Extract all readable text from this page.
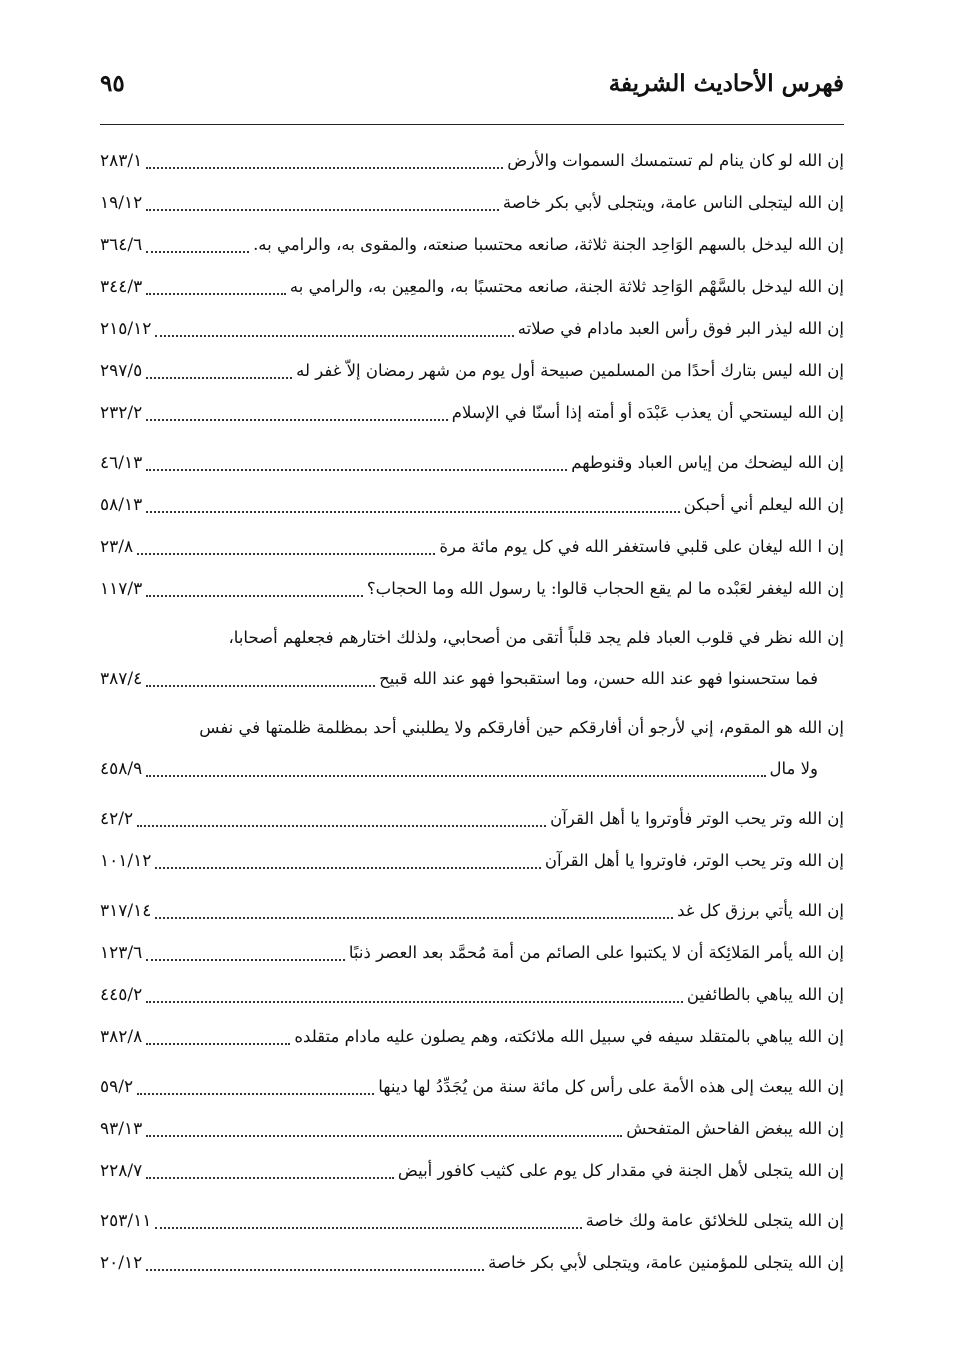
فهرس الأحاديث الشريفة
٩٥
إن الله لو كان ينام لم تستمسك السموات والأرض
٢٨٣/١
إن الله ليتجلى الناس عامة، ويتجلى لأبي بكر خاصة
١٩/١٢
إن الله ليدخل بالسهم الوَاحِد الجنة ثلاثة، صانعه محتسبا صنعته، والمقوى به، والرامي به.
٣٦٤/٦
إن الله ليدخل بالسَّهْم الوَاحِد ثلاثة الجنة، صانعه محتسبًا به، والمعِين به، والرامي به
٣٤٤/٣
إن الله ليذر البر فوق رأس العبد مادام في صلاته
٢١٥/١٢
إن الله ليس بتارك أحدًا من المسلمين صبيحة أول يوم من شهر رمضان إلاّ غفر له
٢٩٧/٥
إن الله ليستحي أن يعذب عَبْدَه أو أمته إذا أسنّا في الإسلام
٢٣٢/٢
إن الله ليضحك من إياس العباد وقنوطهم
٤٦/١٣
إن الله ليعلم أني أحبكن
٥٨/١٣
إن ا الله ليغان على قلبي فاستغفر الله في كل يوم مائة مرة
٢٣/٨
إن الله ليغفر لعَبْده ما لم يقع الحجاب قالوا: يا رسول الله وما الحجاب؟
١١٧/٣
إن الله نظر في قلوب العباد فلم يجد قلباً أتقى من أصحابي، ولذلك اختارهم فجعلهم أصحابا،
فما ستحسنوا فهو عند الله حسن، وما استقبحوا فهو عند الله قبيح
٣٨٧/٤
إن الله هو المقوم، إني لأرجو أن أفارقكم حين أفارقكم ولا يطلبني أحد بمظلمة ظلمتها في نفس
ولا مال
٤٥٨/٩
إن الله وتر يحب الوتر فأوتروا يا أهل القرآن
٤٢/٢
إن الله وتر يحب الوتر، فاوتروا يا أهل القرآن
١٠١/١٢
إن الله يأتي برزق كل غد
٣١٧/١٤
إن الله يأمر المَلائِكة أن لا يكتبوا على الصائم من أمة مُحمَّد بعد العصر ذنبًا
١٢٣/٦
إن الله يباهي بالطائفين
٤٤٥/٢
إن الله يباهي بالمتقلد سيفه في سبيل الله ملائكته، وهم يصلون عليه مادام متقلده
٣٨٢/٨
إن الله يبعث إلى هذه الأمة على رأس كل مائة سنة من يُجَدِّدُ لها دينها
٥٩/٢
إن الله يبغض الفاحش المتفحش
٩٣/١٣
إن الله يتجلى لأهل الجنة في مقدار كل يوم على كثيب كافور أبيض
٢٢٨/٧
إن الله يتجلى للخلائق عامة ولك خاصة
٢٥٣/١١
إن الله يتجلى للمؤمنين عامة، ويتجلى لأبي بكر خاصة
٢٠/١٢
